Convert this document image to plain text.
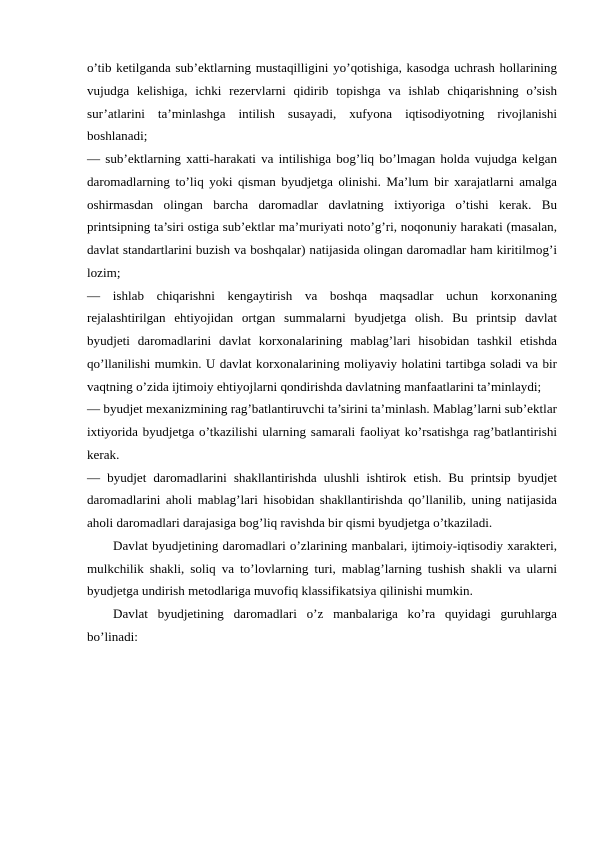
o’tib ketilganda sub’ektlarning mustaqilligini yo’qotishiga, kasodga uchrash hollarining vujudga kelishiga, ichki rezervlarni qidirib topishga va ishlab chiqarishning o’sish sur’atlarini ta’minlashga intilish susayadi, xufyona iqtisodiyotning rivojlanishi boshlanadi;

— sub’ektlarning xatti-harakati va intilishiga bog’liq bo’lmagan holda vujudga kelgan daromadlarning to’liq yoki qisman byudjetga olinishi. Ma’lum bir xarajatlarni amalga oshirmasdan olingan barcha daromadlar davlatning ixtiyoriga o’tishi kerak. Bu printsipning ta’siri ostiga sub’ektlar ma’muriyati noto’g’ri, noqonuniy harakati (masalan, davlat standartlarini buzish va boshqalar) natijasida olingan daromadlar ham kiritilmog’i lozim;

— ishlab chiqarishni kengaytirish va boshqa maqsadlar uchun korxonaning rejalashtirilgan ehtiyojidan ortgan summalarni byudjetga olish. Bu printsip davlat byudjeti daromadlarini davlat korxonalarining mablag’lari hisobidan tashkil etishda qo’llanilishi mumkin. U davlat korxonalarining moliyaviy holatini tartibga soladi va bir vaqtning o’zida ijtimoiy ehtiyojlarni qondirishda davlatning manfaatlarini ta’minlaydi;

— byudjet mexanizmining rag’batlantiruvchi ta’sirini ta’minlash. Mablag’larni sub’ektlar ixtiyorida byudjetga o’tkazilishi ularning samarali faoliyat ko’rsatishga rag’batlantirishi kerak.

— byudjet daromadlarini shakllantirishda ulushli ishtirok etish. Bu printsip byudjet daromadlarini aholi mablag’lari hisobidan shakllantirishda qo’llanilib, uning natijasida aholi daromadlari darajasiga bog’liq ravishda bir qismi byudjetga o’tkaziladi.

Davlat byudjetining daromadlari o’zlarining manbalari, ijtimoiy-iqtisodiy xarakteri, mulkchilik shakli, soliq va to’lovlarning turi, mablag’larning tushish shakli va ularni byudjetga undirish metodlariga muvofiq klassifikatsiya qilinishi mumkin.

Davlat byudjetining daromadlari o’z manbalariga ko’ra quyidagi guruhlarga bo’linadi:
